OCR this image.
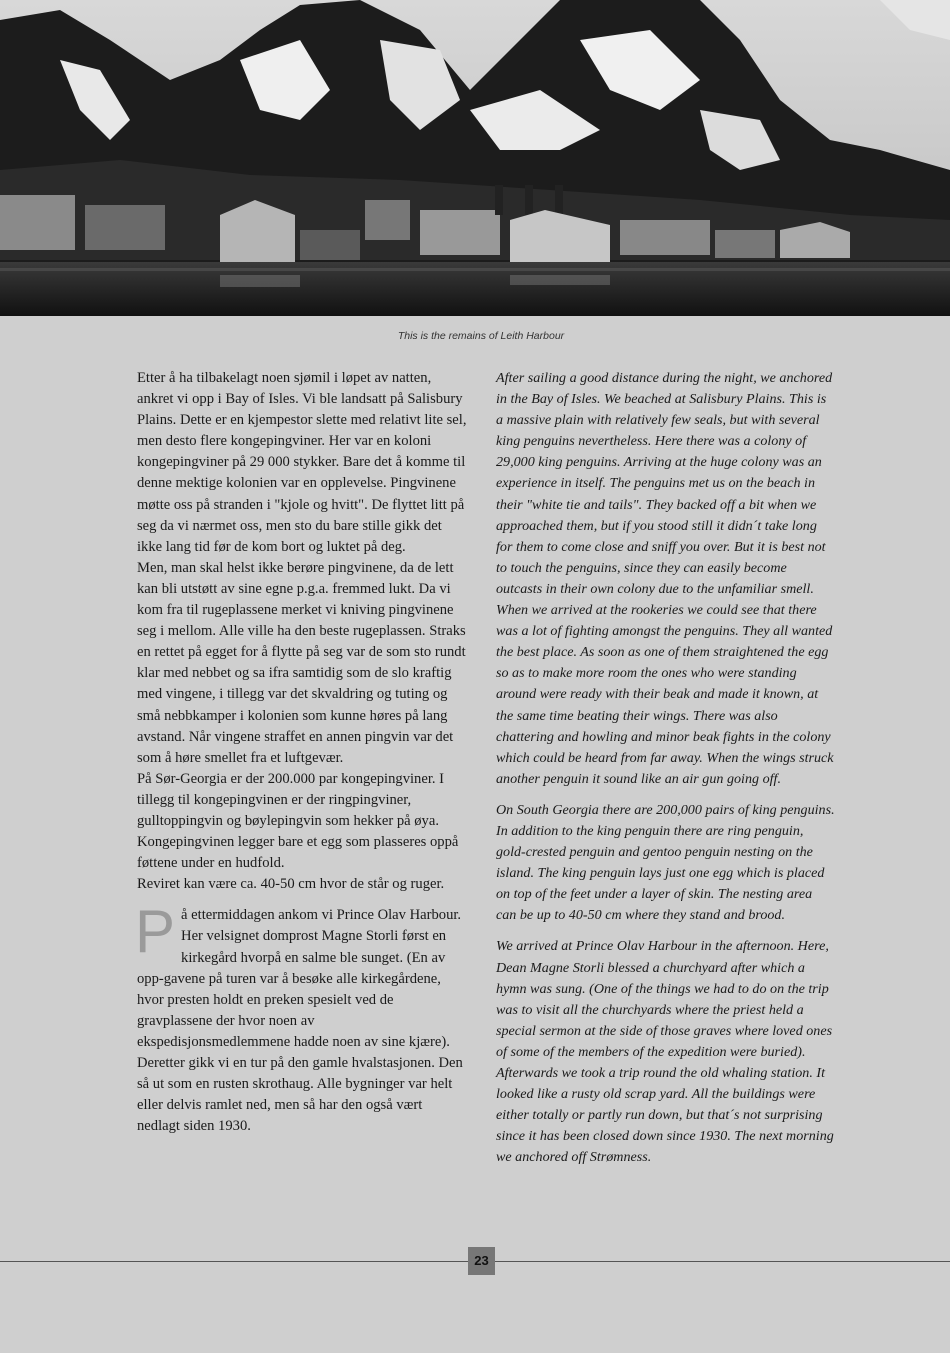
This is the remains of Leith Harbour

Etter å ha tilbakelagt noen sjømil i løpet av natten, ankret vi opp i Bay of Isles. Vi ble landsatt på Salisbury Plains. Dette er en kjempestor slette med relativt lite sel, men desto flere kongepingviner. Her var en koloni kongepingviner på 29 000 stykker. Bare det å komme til denne mektige kolonien var en opplevelse. Pingvinene møtte oss på stranden i "kjole og hvitt". De flyttet litt på seg da vi nærmet oss, men sto du bare stille gikk det ikke lang tid før de kom bort og luktet på deg.

Men, man skal helst ikke berøre pingvinene, da de lett kan bli utstøtt av sine egne p.g.a. fremmed lukt. Da vi kom fra til rugeplassene merket vi kniving pingvinene seg i mellom. Alle ville ha den beste rugeplassen. Straks en rettet på egget for å flytte på seg var de som sto rundt klar med nebbet og sa ifra samtidig som de slo kraftig med vingene, i tillegg var det skvaldring og tuting og små nebbkamper i kolonien som kunne høres på lang avstand. Når vingene straffet en annen pingvin var det som å høre smellet fra et luftgevær.

På Sør-Georgia er der 200.000 par kongepingviner. I tillegg til kongepingvinen er der ringpingviner, gulltoppingvin og bøylepingvin som hekker på øya. Kongepingvinen legger bare et egg som plasseres oppå føttene under en hudfold.

Reviret kan være ca. 40-50 cm hvor de står og ruger.

På ettermiddagen ankom vi Prince Olav Harbour. Her velsignet domprost Magne Storli først en kirkegård hvorpå en salme ble sunget. (En av opp-gavene på turen var å besøke alle kirkegårdene, hvor presten holdt en preken spesielt ved de gravplassene der hvor noen av ekspedisjonsmedlemmene hadde noen av sine kjære).

Deretter gikk vi en tur på den gamle hvalstasjonen. Den så ut som en rusten skrothaug. Alle bygninger var helt eller delvis ramlet ned, men så har den også vært nedlagt siden 1930.

After sailing a good distance during the night, we anchored in the Bay of Isles. We beached at Salisbury Plains. This is a massive plain with relatively few seals, but with several king penguins nevertheless. Here there was a colony of 29,000 king penguins. Arriving at the huge colony was an experience in itself. The penguins met us on the beach in their "white tie and tails". They backed off a bit when we approached them, but if you stood still it didn´t take long for them to come close and sniff you over. But it is best not to touch the penguins, since they can easily become outcasts in their own colony due to the unfamiliar smell. When we arrived at the rookeries we could see that there was a lot of fighting amongst the penguins. They all wanted the best place. As soon as one of them straightened the egg so as to make more room the ones who were standing around were ready with their beak and made it known, at the same time beating their wings. There was also chattering and howling and minor beak fights in the colony which could be heard from far away. When the wings struck another penguin it sound like an air gun going off.

On South Georgia there are 200,000 pairs of king penguins. In addition to the king penguin there are ring penguin, gold-crested penguin and gentoo penguin nesting on the island. The king penguin lays just one egg which is placed on top of the feet under a layer of skin. The nesting area can be up to 40-50 cm where they stand and brood.

We arrived at Prince Olav Harbour in the afternoon. Here, Dean Magne Storli blessed a churchyard after which a hymn was sung. (One of the things we had to do on the trip was to visit all the churchyards where the priest held a special sermon at the side of those graves where loved ones of some of the members of the expedition were buried). Afterwards we took a trip round the old whaling station. It looked like a rusty old scrap yard. All the buildings were either totally or partly run down, but that´s not surprising since it has been closed down since 1930. The next morning we anchored off Strømness.

23
